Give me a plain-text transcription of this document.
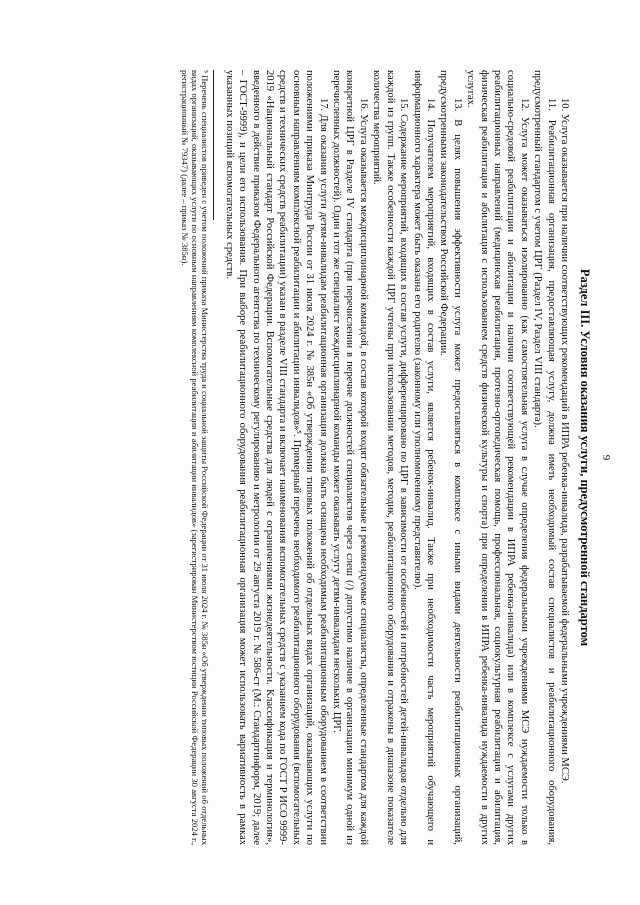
9
Раздел III. Условия оказания услуги, предусмотренной стандартом

10. Услуга оказывается при наличии соответствующих рекомендаций в ИПРА ребенка-инвалида, разрабатываемой федеральными учреждениями МСЭ.

11. Реабилитационная организация, предоставляющая услугу, должна иметь необходимый состав специалистов и реабилитационного оборудования, предусмотренный стандартом с учетом ЦРГ (Раздел IV, Раздел VIII стандарта).

12. Услуга может оказываться изолированно (как самостоятельная услуга в случае определения федеральными учреждениями МСЭ нуждаемости только в социально-средовой реабилитации и абилитации и наличии соответствующей рекомендации в ИПРА ребенка-инвалида) или в комплексе с услугами других реабилитационных направлений (медицинская реабилитация, протезно-ортопедическая помощь, профессиональная, социокультурная реабилитация и абилитация, физическая реабилитация и абилитация с использованием средств физической культуры и спорта) при определении в ИПРА ребенка-инвалида нуждаемости в других услугах.

13. В целях повышения эффективности услуга может предоставляться в комплексе с иными видами деятельности реабилитационных организаций, предусмотренными законодательством Российской Федерации.

14. Получателем мероприятий, входящих в состав услуги, является ребенок-инвалид. Также при необходимости часть мероприятий обучающего и информационного характера может быть оказана его родителю (законному или уполномоченному представителю).

15. Содержание мероприятий, входящих в состав услуги, дифференцировано по ЦРГ в зависимости от особенностей и потребностей детей-инвалидов отдельно для каждой из групп. Также особенности каждой ЦРГ учтены при использовании методов, методик, реабилитационного оборудования и отражены в диапазоне показателе количества мероприятий.

16. Услуга оказывается междисциплинарной командой, в состав которой входят обязательные и рекомендуемые специалисты, определенные стандартом для каждой конкретной ЦРГ в Разделе IV стандарта (при перечислении в перечне должностей специалистов через слеш (/) допустимо наличие в организации минимум одной из перечисленных должностей). Один и тот же специалист междисциплинарной команды может оказывать услугу детям-инвалидам нескольких ЦРГ.

17. Для оказания услуги детям-инвалидам реабилитационная организация должна быть оснащена необходимым реабилитационным оборудованием в соответствии положениями приказа Минтруда России от 31 июля 2024 г. № 385н «Об утверждении типовых положений об отдельных видах организаций, оказывающих услуги по основным направлениям комплексной реабилитации и абилитации инвалидов»⁵. Примерный перечень необходимого реабилитационного оборудования (вспомогательных средств и технических средств реабилитации) указан в разделе VIII стандарта и включает наименования вспомогательных средств с указанием кода по ГОСТ Р ИСО 9999-2019 «Национальный стандарт Российской Федерации. Вспомогательные средства для людей с ограничениями жизнедеятельности. Классификация и терминология», введенного в действие приказом Федерального агентства по техническому регулированию и метрологии от 29 августа 2019 г. № 586-ст (М.: Стандартинформ, 2019; далее – ГОСТ-9999), и цели его использования. При выборе реабилитационного оборудования реабилитационная организация может использовать вариативность в рамках указанных позиций вспомогательных средств.

⁵ Перечень специалистов приведен с учетом положений приказа Министерства труда и социальной защиты Российской Федерации от 31 июля 2024 г. № 385н «Об утверждении типовых положений об отдельных видах организаций, оказывающих услуги по основным направлениям комплексной реабилитации и абилитации инвалидов» (зарегистрирован Министерством юстиции Российской Федерации 30 августа 2024 г., регистрационный № 79347) (далее – приказ № 385н).
